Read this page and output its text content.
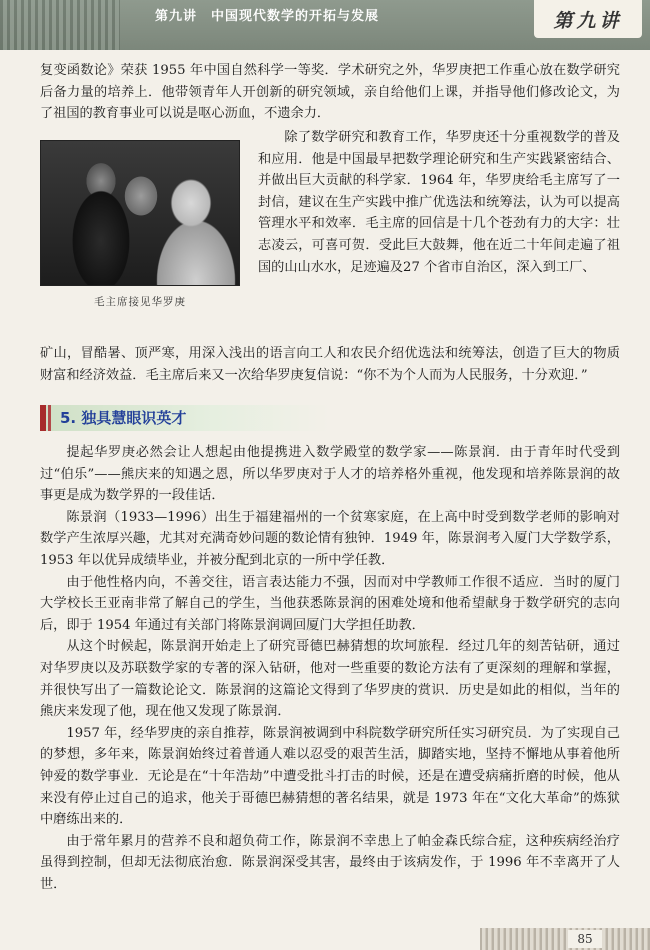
第九讲　中国现代数学的开拓与发展	第九讲
复变函数论》荣获 1955 年中国自然科学一等奖．学术研究之外，华罗庚把工作重心放在数学研究后备力量的培养上．他带领青年人开创新的研究领域，亲自给他们上课，并指导他们修改论文，为了祖国的教育事业可以说是呕心沥血，不遗余力．
毛主席接见华罗庚
除了数学研究和教育工作，华罗庚还十分重视数学的普及和应用．他是中国最早把数学理论研究和生产实践紧密结合、并做出巨大贡献的科学家．1964 年，华罗庚给毛主席写了一封信，建议在生产实践中推广优选法和统筹法，认为可以提高管理水平和效率．毛主席的回信是十几个苍劲有力的大字：壮志凌云，可喜可贺．受此巨大鼓舞，他在近二十年间走遍了祖国的山山水水，足迹遍及27 个省市自治区，深入到工厂、
矿山，冒酷暑、顶严寒，用深入浅出的语言向工人和农民介绍优选法和统筹法，创造了巨大的物质财富和经济效益．毛主席后来又一次给华罗庚复信说：“你不为个人而为人民服务，十分欢迎．”
5. 独具慧眼识英才
提起华罗庚必然会让人想起由他提携进入数学殿堂的数学家——陈景润．由于青年时代受到过“伯乐”——熊庆来的知遇之恩，所以华罗庚对于人才的培养格外重视，他发现和培养陈景润的故事更是成为数学界的一段佳话．
陈景润（1933—1996）出生于福建福州的一个贫寒家庭，在上高中时受到数学老师的影响对数学产生浓厚兴趣，尤其对充满奇妙问题的数论情有独钟．1949 年，陈景润考入厦门大学数学系，1953 年以优异成绩毕业，并被分配到北京的一所中学任教．
由于他性格内向，不善交往，语言表达能力不强，因而对中学教师工作很不适应．当时的厦门大学校长王亚南非常了解自己的学生，当他获悉陈景润的困难处境和他希望献身于数学研究的志向后，即于 1954 年通过有关部门将陈景润调回厦门大学担任助教．
从这个时候起，陈景润开始走上了研究哥德巴赫猜想的坎坷旅程．经过几年的刻苦钻研，通过对华罗庚以及苏联数学家的专著的深入钻研，他对一些重要的数论方法有了更深刻的理解和掌握，并很快写出了一篇数论论文．陈景润的这篇论文得到了华罗庚的赏识．历史是如此的相似，当年的熊庆来发现了他，现在他又发现了陈景润．
1957 年，经华罗庚的亲自推荐，陈景润被调到中科院数学研究所任实习研究员．为了实现自己的梦想，多年来，陈景润始终过着普通人难以忍受的艰苦生活，脚踏实地，坚持不懈地从事着他所钟爱的数学事业．无论是在“十年浩劫”中遭受批斗打击的时候，还是在遭受病痛折磨的时候，他从来没有停止过自己的追求，他关于哥德巴赫猜想的著名结果，就是 1973 年在“文化大革命”的炼狱中磨练出来的．
由于常年累月的营养不良和超负荷工作，陈景润不幸患上了帕金森氏综合症，这种疾病经治疗虽得到控制，但却无法彻底治愈．陈景润深受其害，最终由于该病发作，于 1996 年不幸离开了人世．
85
